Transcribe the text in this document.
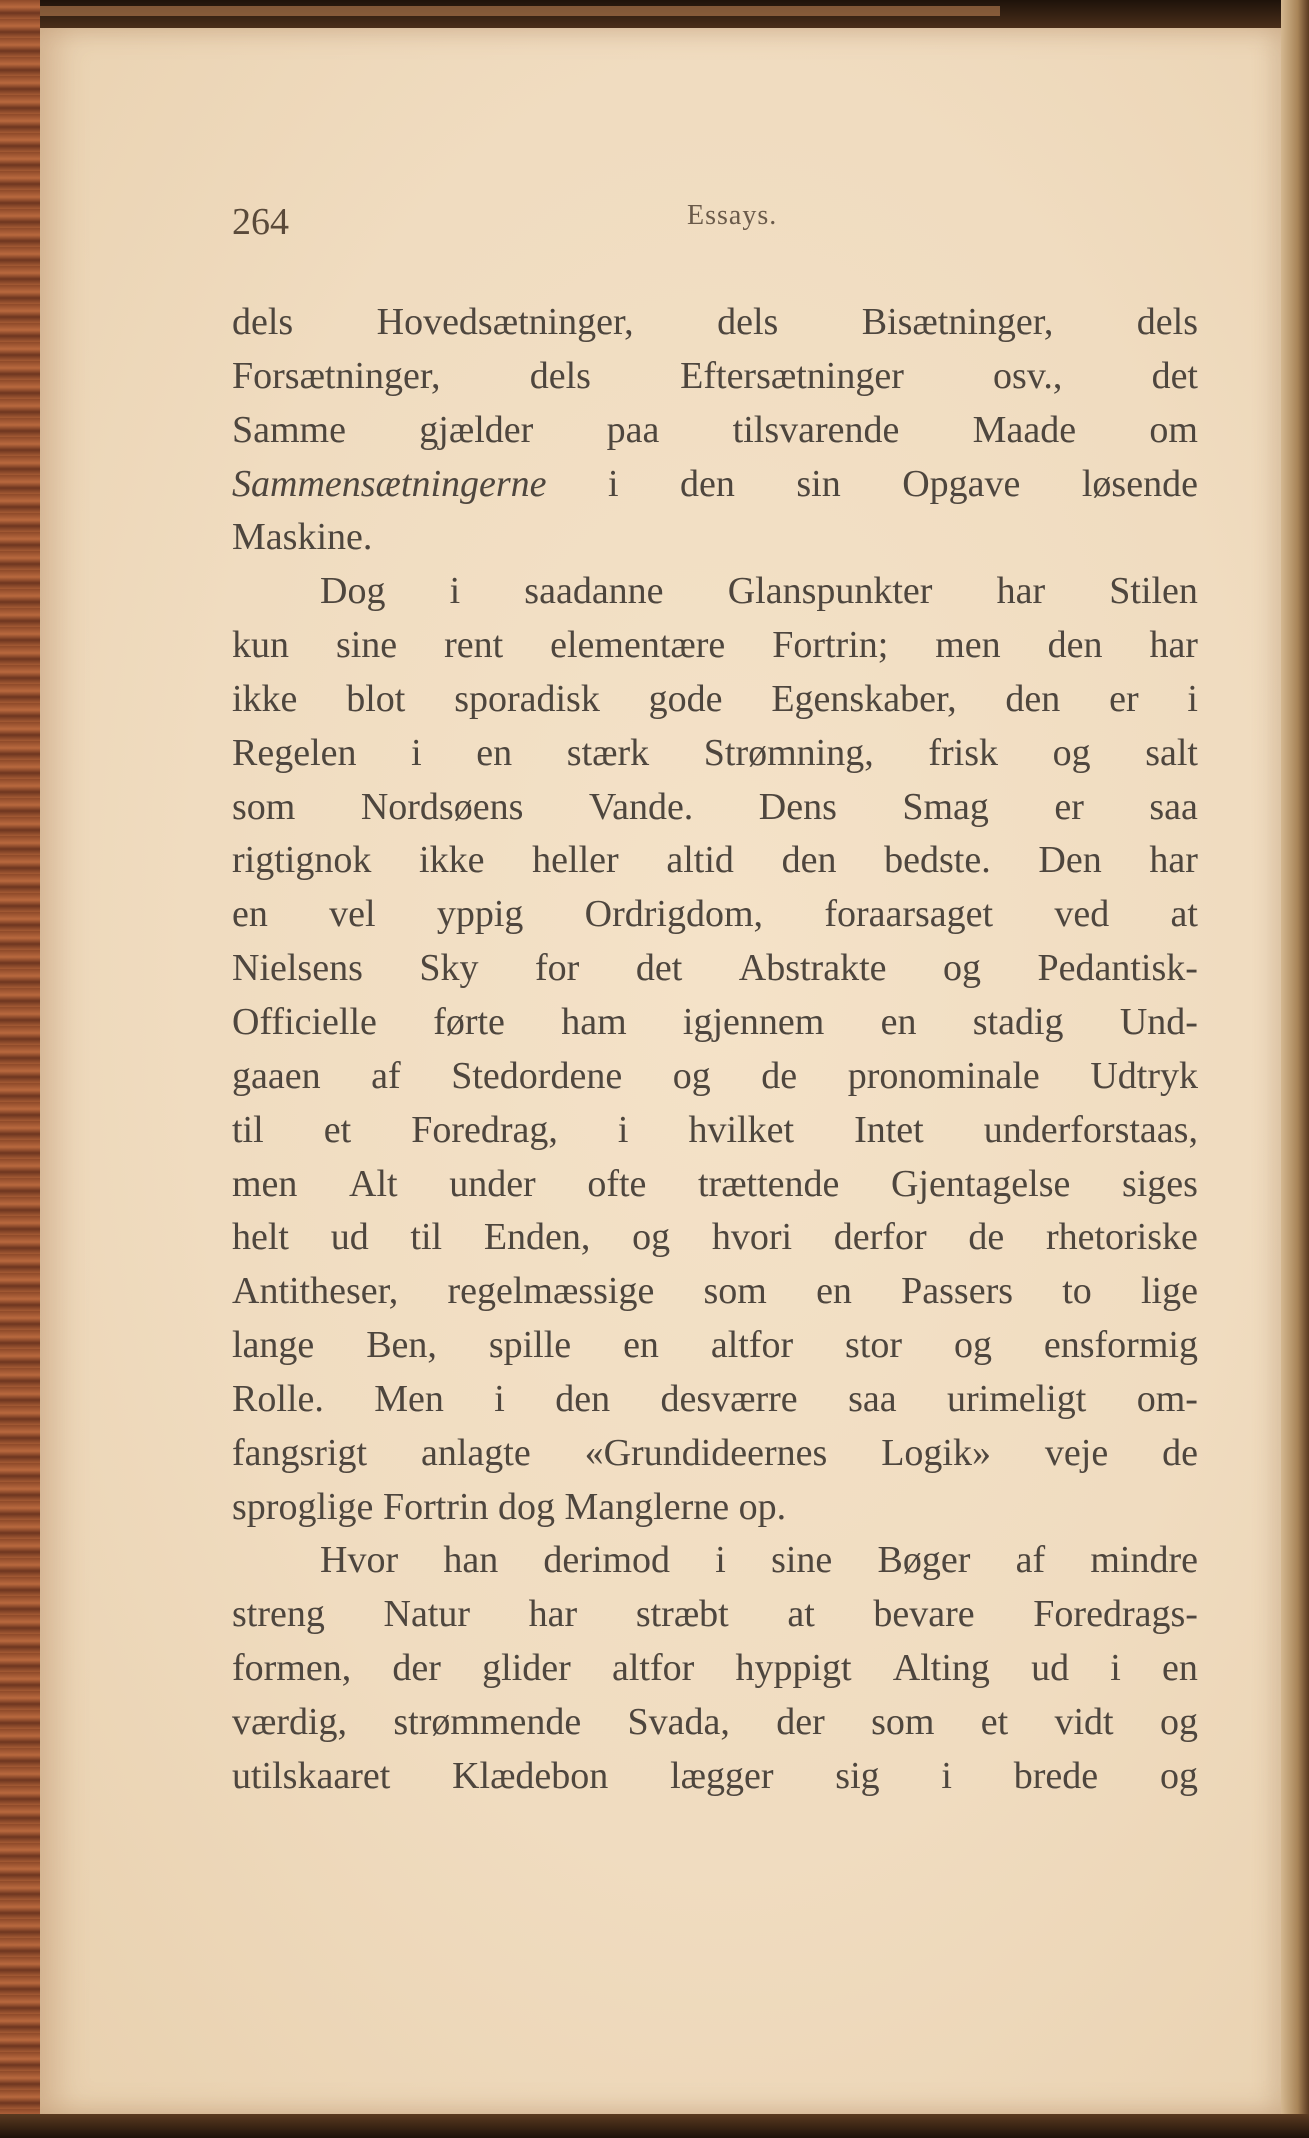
264	Essays.
dels Hovedsætninger, dels Bisætninger, dels
Forsætninger, dels Eftersætninger osv., det
Samme gjælder paa tilsvarende Maade om
Sammensætningerne i den sin Opgave løsende
Maskine.
Dog i saadanne Glanspunkter har Stilen
kun sine rent elementære Fortrin; men den har
ikke blot sporadisk gode Egenskaber, den er i
Regelen i en stærk Strømning, frisk og salt
som Nordsøens Vande. Dens Smag er saa
rigtignok ikke heller altid den bedste. Den har
en vel yppig Ordrigdom, foraarsaget ved at
Nielsens Sky for det Abstrakte og Pedantisk-
Officielle førte ham igjennem en stadig Und-
gaaen af Stedordene og de pronominale Udtryk
til et Foredrag, i hvilket Intet underforstaas,
men Alt under ofte trættende Gjentagelse siges
helt ud til Enden, og hvori derfor de rhetoriske
Antitheser, regelmæssige som en Passers to lige
lange Ben, spille en altfor stor og ensformig
Rolle. Men i den desværre saa urimeligt om-
fangsrigt anlagte «Grundideernes Logik» veje de
sproglige
Fortrin
dog
Manglerne
op.
Hvor han derimod i sine Bøger af mindre
streng Natur har stræbt at bevare Foredrags-
formen, der glider altfor hyppigt Alting ud i en
værdig, strømmende Svada, der som et vidt og
utilskaaret Klædebon lægger sig i brede og
